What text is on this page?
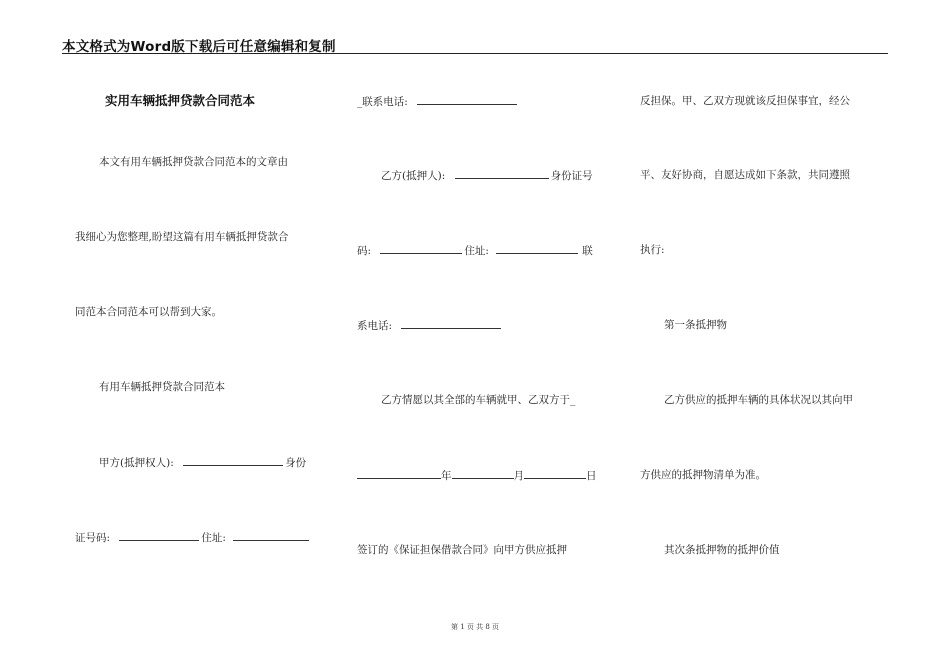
本文格式为Word版下载后可任意编辑和复制
实用车辆抵押贷款合同范本
本文有用车辆抵押贷款合同范本的文章由
我细心为您整理,盼望这篇有用车辆抵押贷款合
同范本合同范本可以帮到大家。
有用车辆抵押贷款合同范本
甲方(抵押权人):	身份
证号码:	住址:
_联系电话:
乙方(抵押人):	身份证号
码:	住址:	联
系电话:
乙方情愿以其全部的车辆就甲、乙双方于_
年	月	日
签订的《保证担保借款合同》向甲方供应抵押
反担保。甲、乙双方现就该反担保事宜，经公
平、友好协商，自愿达成如下条款，共同遵照
执行:
第一条抵押物
乙方供应的抵押车辆的具体状况以其向甲
方供应的抵押物清单为准。
其次条抵押物的抵押价值
第 1 页 共 8 页
